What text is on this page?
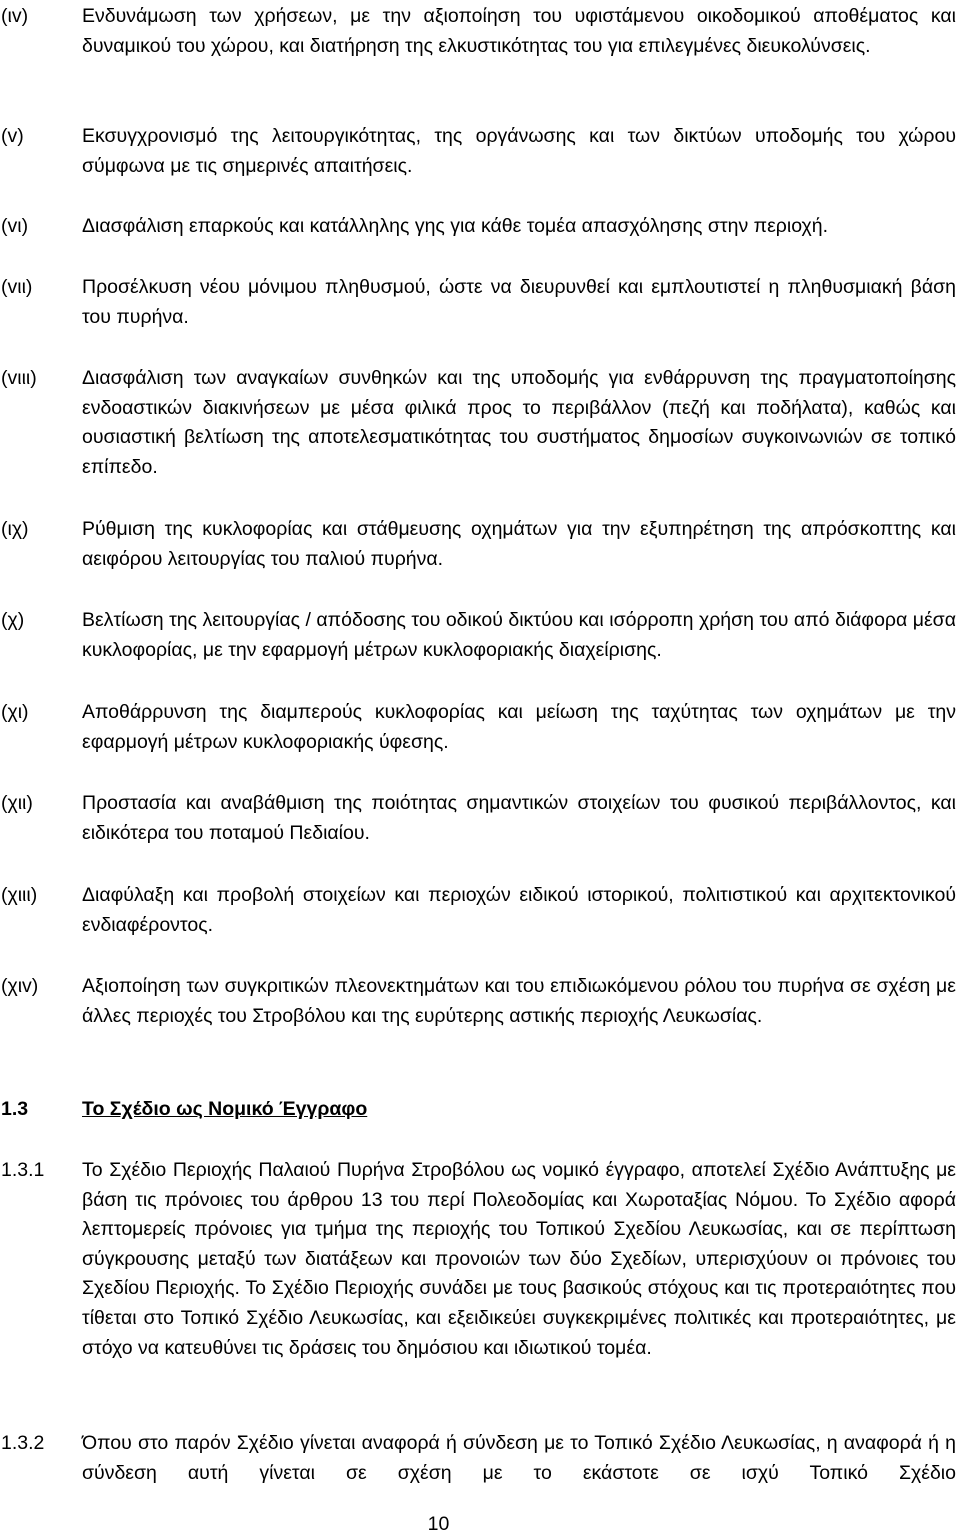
(ιv)	Ενδυνάμωση των χρήσεων, με την αξιοποίηση του υφιστάμενου οικοδομικού αποθέματος και δυναμικού του χώρου, και διατήρηση της ελκυστικότητας του για επιλεγμένες διευκολύνσεις.
(v)	Εκσυγχρονισμό της λειτουργικότητας, της οργάνωσης και των δικτύων υποδομής του χώρου σύμφωνα με τις σημερινές απαιτήσεις.
(vι)	Διασφάλιση επαρκούς και κατάλληλης γης για κάθε τομέα απασχόλησης στην περιοχή.
(vιι)	Προσέλκυση νέου μόνιμου πληθυσμού, ώστε να διευρυνθεί και εμπλουτιστεί η πληθυσμιακή βάση του πυρήνα.
(vιιι) Διασφάλιση των αναγκαίων συνθηκών και της υποδομής για ενθάρρυνση της πραγματοποίησης ενδοαστικών διακινήσεων με μέσα φιλικά προς το περιβάλλον (πεζή και ποδήλατα), καθώς και ουσιαστική βελτίωση της αποτελεσματικότητας του συστήματος δημοσίων συγκοινωνιών σε τοπικό επίπεδο.
(ιχ)	Ρύθμιση της κυκλοφορίας και στάθμευσης οχημάτων για την εξυπηρέτηση της απρόσκοπτης και αειφόρου λειτουργίας του παλιού πυρήνα.
(χ)	Βελτίωση της λειτουργίας / απόδοσης του οδικού δικτύου και ισόρροπη χρήση του από διάφορα μέσα κυκλοφορίας, με την εφαρμογή μέτρων κυκλοφοριακής διαχείρισης.
(χι)	Αποθάρρυνση της διαμπερούς κυκλοφορίας και μείωση της ταχύτητας των οχημάτων με την εφαρμογή μέτρων κυκλοφοριακής ύφεσης.
(χιι)	Προστασία και αναβάθμιση της ποιότητας σημαντικών στοιχείων του φυσικού περιβάλλοντος, και ειδικότερα του ποταμού Πεδιαίου.
(χιιι) Διαφύλαξη και προβολή στοιχείων και περιοχών ειδικού ιστορικού, πολιτιστικού και αρχιτεκτονικού ενδιαφέροντος.
(χιv) Αξιοποίηση των συγκριτικών πλεονεκτημάτων και του επιδιωκόμενου ρόλου του πυρήνα σε σχέση με άλλες περιοχές του Στροβόλου και της ευρύτερης αστικής περιοχής Λευκωσίας.
1.3	Το Σχέδιο ως Νομικό Έγγραφο
1.3.1 Το Σχέδιο Περιοχής Παλαιού Πυρήνα Στροβόλου ως νομικό έγγραφο, αποτελεί Σχέδιο Ανάπτυξης με βάση τις πρόνοιες του άρθρου 13 του περί Πολεοδομίας και Χωροταξίας Νόμου. Το Σχέδιο αφορά λεπτομερείς πρόνοιες για τμήμα της περιοχής του Τοπικού Σχεδίου Λευκωσίας, και σε περίπτωση σύγκρουσης μεταξύ των διατάξεων και προνοιών των δύο Σχεδίων, υπερισχύουν οι πρόνοιες του Σχεδίου Περιοχής. Το Σχέδιο Περιοχής συνάδει με τους βασικούς στόχους και τις προτεραιότητες που τίθεται στο Τοπικό Σχέδιο Λευκωσίας, και εξειδικεύει συγκεκριμένες πολιτικές και προτεραιότητες, με στόχο να κατευθύνει τις δράσεις του δημόσιου και ιδιωτικού τομέα.
1.3.2 Όπου στο παρόν Σχέδιο γίνεται αναφορά ή σύνδεση με το Τοπικό Σχέδιο Λευκωσίας, η αναφορά ή η σύνδεση αυτή γίνεται σε σχέση με το εκάστοτε σε ισχύ Τοπικό Σχέδιο
10
